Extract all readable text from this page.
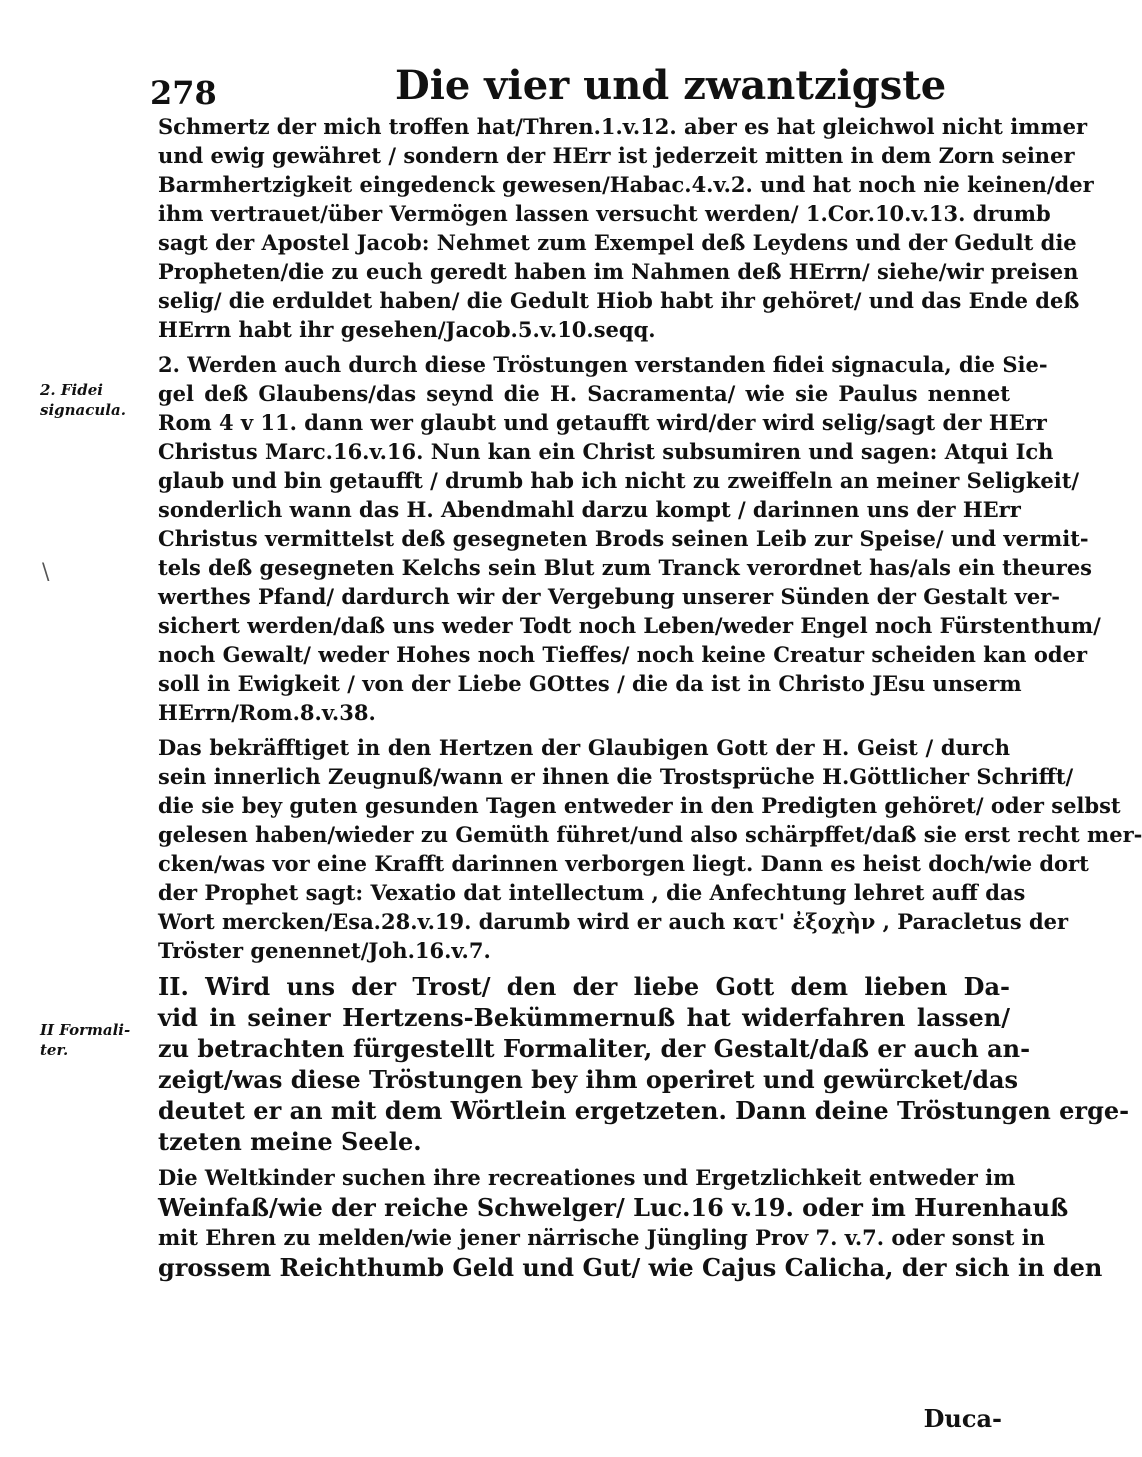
278	Die vier und zwantzigste
2. Fidei
signacula.
II Formali-
ter.
\
Schmertz der mich troffen hat/Thren.1.v.12. aber es hat gleichwol nicht immer
und ewig gewähret / sondern der HErr ist jederzeit mitten in dem Zorn seiner
Barmhertzigkeit eingedenck gewesen/Habac.4.v.2. und hat noch nie keinen/der
ihm vertrauet/über Vermögen lassen versucht werden/ 1.Cor.10.v.13. drumb
sagt der Apostel Jacob: Nehmet zum Exempel deß Leydens und der Gedult die
Propheten/die zu euch geredt haben im Nahmen deß HErrn/ siehe/wir preisen
selig/ die erduldet haben/ die Gedult Hiob habt ihr gehöret/ und das Ende deß
HErrn habt ihr gesehen/Jacob.5.v.10.seqq.
2. Werden auch durch diese Tröstungen verstanden fidei signacula, die Sie-
gel deß Glaubens/das seynd die H. Sacramenta/ wie sie Paulus nennet
Rom 4 v 11. dann wer glaubt und getaufft wird/der wird selig/sagt der HErr
Christus Marc.16.v.16. Nun kan ein Christ subsumiren und sagen: Atqui Ich
glaub und bin getaufft / drumb hab ich nicht zu zweiffeln an meiner Seligkeit/
sonderlich wann das H. Abendmahl darzu kompt / darinnen uns der HErr
Christus vermittelst deß gesegneten Brods seinen Leib zur Speise/ und vermit-
tels deß gesegneten Kelchs sein Blut zum Tranck verordnet has/als ein theures
werthes Pfand/ dardurch wir der Vergebung unserer Sünden der Gestalt ver-
sichert werden/daß uns weder Todt noch Leben/weder Engel noch Fürstenthum/
noch Gewalt/ weder Hohes noch Tieffes/ noch keine Creatur scheiden kan oder
soll in Ewigkeit / von der Liebe GOttes / die da ist in Christo JEsu unserm
HErrn/Rom.8.v.38.
Das bekräfftiget in den Hertzen der Glaubigen Gott der H. Geist / durch
sein innerlich Zeugnuß/wann er ihnen die Trostsprüche H.Göttlicher Schrifft/
die sie bey guten gesunden Tagen entweder in den Predigten gehöret/ oder selbst
gelesen haben/wieder zu Gemüth führet/und also schärpffet/daß sie erst recht mer-
cken/was vor eine Krafft darinnen verborgen liegt. Dann es heist doch/wie dort
der Prophet sagt: Vexatio dat intellectum , die Anfechtung lehret auff das
Wort mercken/Esa.28.v.19. darumb wird er auch κατ' ἐξοχὴν , Paracletus der
Tröster genennet/Joh.16.v.7.
II. Wird uns der Trost/ den der liebe Gott dem lieben Da-
vid in seiner Hertzens-Bekümmernuß hat widerfahren lassen/
zu betrachten fürgestellt Formaliter, der Gestalt/daß er auch an-
zeigt/was diese Tröstungen bey ihm operiret und gewürcket/das
deutet er an mit dem Wörtlein ergetzeten. Dann deine Tröstungen erge-
tzeten meine Seele.
Die Weltkinder suchen ihre recreationes und Ergetzlichkeit entweder im
Weinfaß/wie der reiche Schwelger/ Luc.16 v.19. oder im Hurenhauß
mit Ehren zu melden/wie jener närrische Jüngling Prov 7. v.7. oder sonst in
grossem Reichthumb Geld und Gut/ wie Cajus Calicha, der sich in den
Duca-
